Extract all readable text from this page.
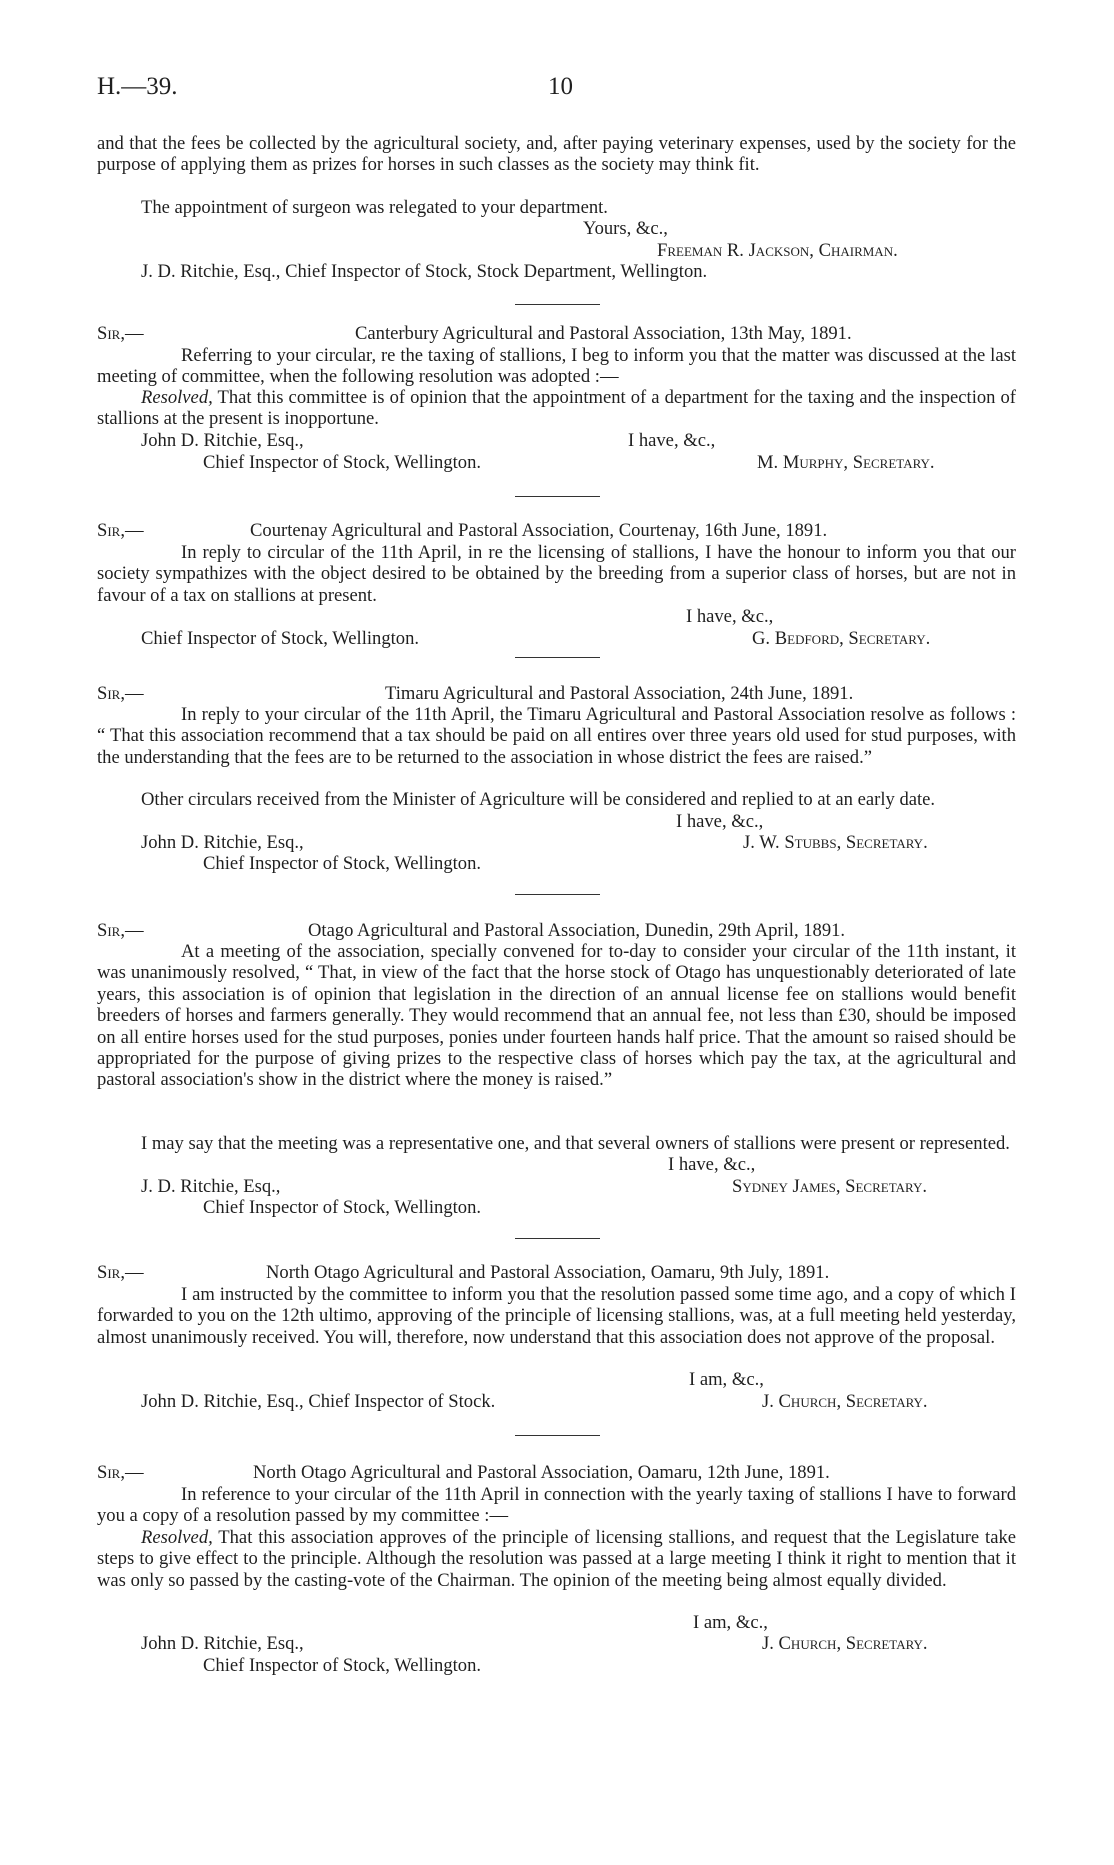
H.—39.	10

and that the fees be collected by the agricultural society, and, after paying veterinary expenses, used by the society for the purpose of applying them as prizes for horses in such classes as the society may think fit.

The appointment of surgeon was relegated to your department.

Yours, &c.,

Freeman R. Jackson, Chairman.

J. D. Ritchie, Esq., Chief Inspector of Stock, Stock Department, Wellington.

Sir,—	Canterbury Agricultural and Pastoral Association, 13th May, 1891.

Referring to your circular, re the taxing of stallions, I beg to inform you that the matter was discussed at the last meeting of committee, when the following resolution was adopted :—

Resolved, That this committee is of opinion that the appointment of a department for the taxing and the inspection of stallions at the present is inopportune.

John D. Ritchie, Esq.,	I have, &c.,

Chief Inspector of Stock, Wellington.	M. Murphy, Secretary.

Sir,—	Courtenay Agricultural and Pastoral Association, Courtenay, 16th June, 1891.

In reply to circular of the 11th April, in re the licensing of stallions, I have the honour to inform you that our society sympathizes with the object desired to be obtained by the breeding from a superior class of horses, but are not in favour of a tax on stallions at present.

I have, &c.,

Chief Inspector of Stock, Wellington.	G. Bedford, Secretary.

Sir,—	Timaru Agricultural and Pastoral Association, 24th June, 1891.

In reply to your circular of the 11th April, the Timaru Agricultural and Pastoral Association resolve as follows : “ That this association recommend that a tax should be paid on all entires over three years old used for stud purposes, with the understanding that the fees are to be returned to the association in whose district the fees are raised.”

Other circulars received from the Minister of Agriculture will be considered and replied to at an early date.

I have, &c.,

John D. Ritchie, Esq.,	J. W. Stubbs, Secretary.

Chief Inspector of Stock, Wellington.

Sir,—	Otago Agricultural and Pastoral Association, Dunedin, 29th April, 1891.

At a meeting of the association, specially convened for to-day to consider your circular of the 11th instant, it was unanimously resolved, “ That, in view of the fact that the horse stock of Otago has unquestionably deteriorated of late years, this association is of opinion that legislation in the direction of an annual license fee on stallions would benefit breeders of horses and farmers generally. They would recommend that an annual fee, not less than £30, should be imposed on all entire horses used for the stud purposes, ponies under fourteen hands half price. That the amount so raised should be appropriated for the purpose of giving prizes to the respective class of horses which pay the tax, at the agricultural and pastoral association's show in the district where the money is raised.”

I may say that the meeting was a representative one, and that several owners of stallions were present or represented.

I have, &c.,

J. D. Ritchie, Esq.,	Sydney James, Secretary.

Chief Inspector of Stock, Wellington.

Sir,—	North Otago Agricultural and Pastoral Association, Oamaru, 9th July, 1891.

I am instructed by the committee to inform you that the resolution passed some time ago, and a copy of which I forwarded to you on the 12th ultimo, approving of the principle of licensing stallions, was, at a full meeting held yesterday, almost unanimously received. You will, therefore, now understand that this association does not approve of the proposal.

I am, &c.,

John D. Ritchie, Esq., Chief Inspector of Stock.	J. Church, Secretary.

Sir,—	North Otago Agricultural and Pastoral Association, Oamaru, 12th June, 1891.

In reference to your circular of the 11th April in connection with the yearly taxing of stallions I have to forward you a copy of a resolution passed by my committee :—

Resolved, That this association approves of the principle of licensing stallions, and request that the Legislature take steps to give effect to the principle. Although the resolution was passed at a large meeting I think it right to mention that it was only so passed by the casting-vote of the Chairman. The opinion of the meeting being almost equally divided.

I am, &c.,

John D. Ritchie, Esq.,	J. Church, Secretary.

Chief Inspector of Stock, Wellington.
